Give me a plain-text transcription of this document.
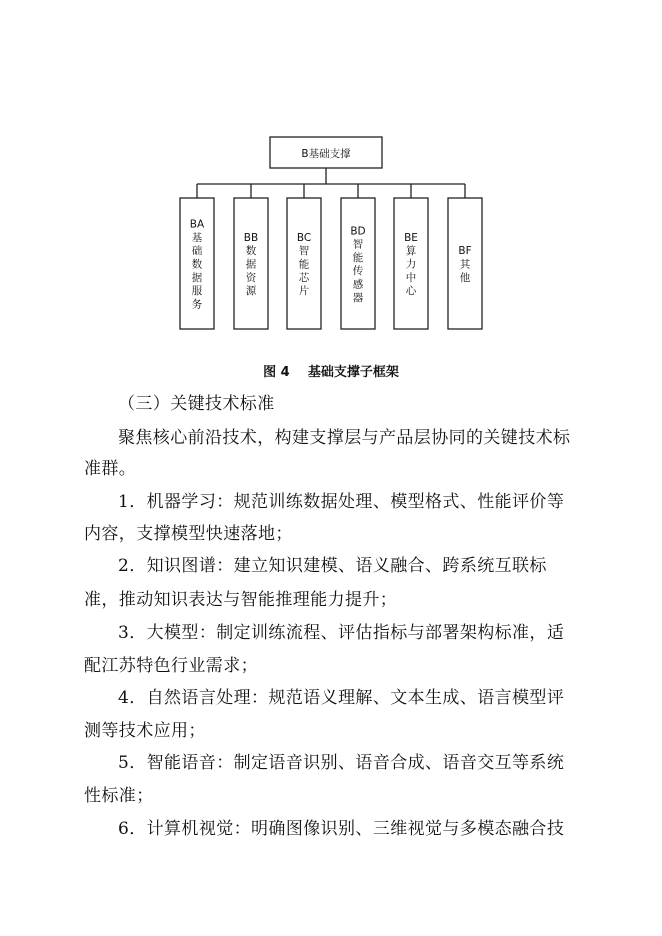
B基础支撑
BA 基础数据服务
BB 数据资源
BC 智能芯片
BD 智能传感器
BE 算力中心
BF 其他
图 4 基础支撑子框架
（三）关键技术标准
聚焦核心前沿技术，构建支撑层与产品层协同的关键技术标
准群。
1．机器学习：规范训练数据处理、模型格式、性能评价等
内容，支撑模型快速落地；
2．知识图谱：建立知识建模、语义融合、跨系统互联标
准，推动知识表达与智能推理能力提升；
3．大模型：制定训练流程、评估指标与部署架构标准，适
配江苏特色行业需求；
4．自然语言处理：规范语义理解、文本生成、语言模型评
测等技术应用；
5．智能语音：制定语音识别、语音合成、语音交互等系统
性标准；
6．计算机视觉：明确图像识别、三维视觉与多模态融合技
